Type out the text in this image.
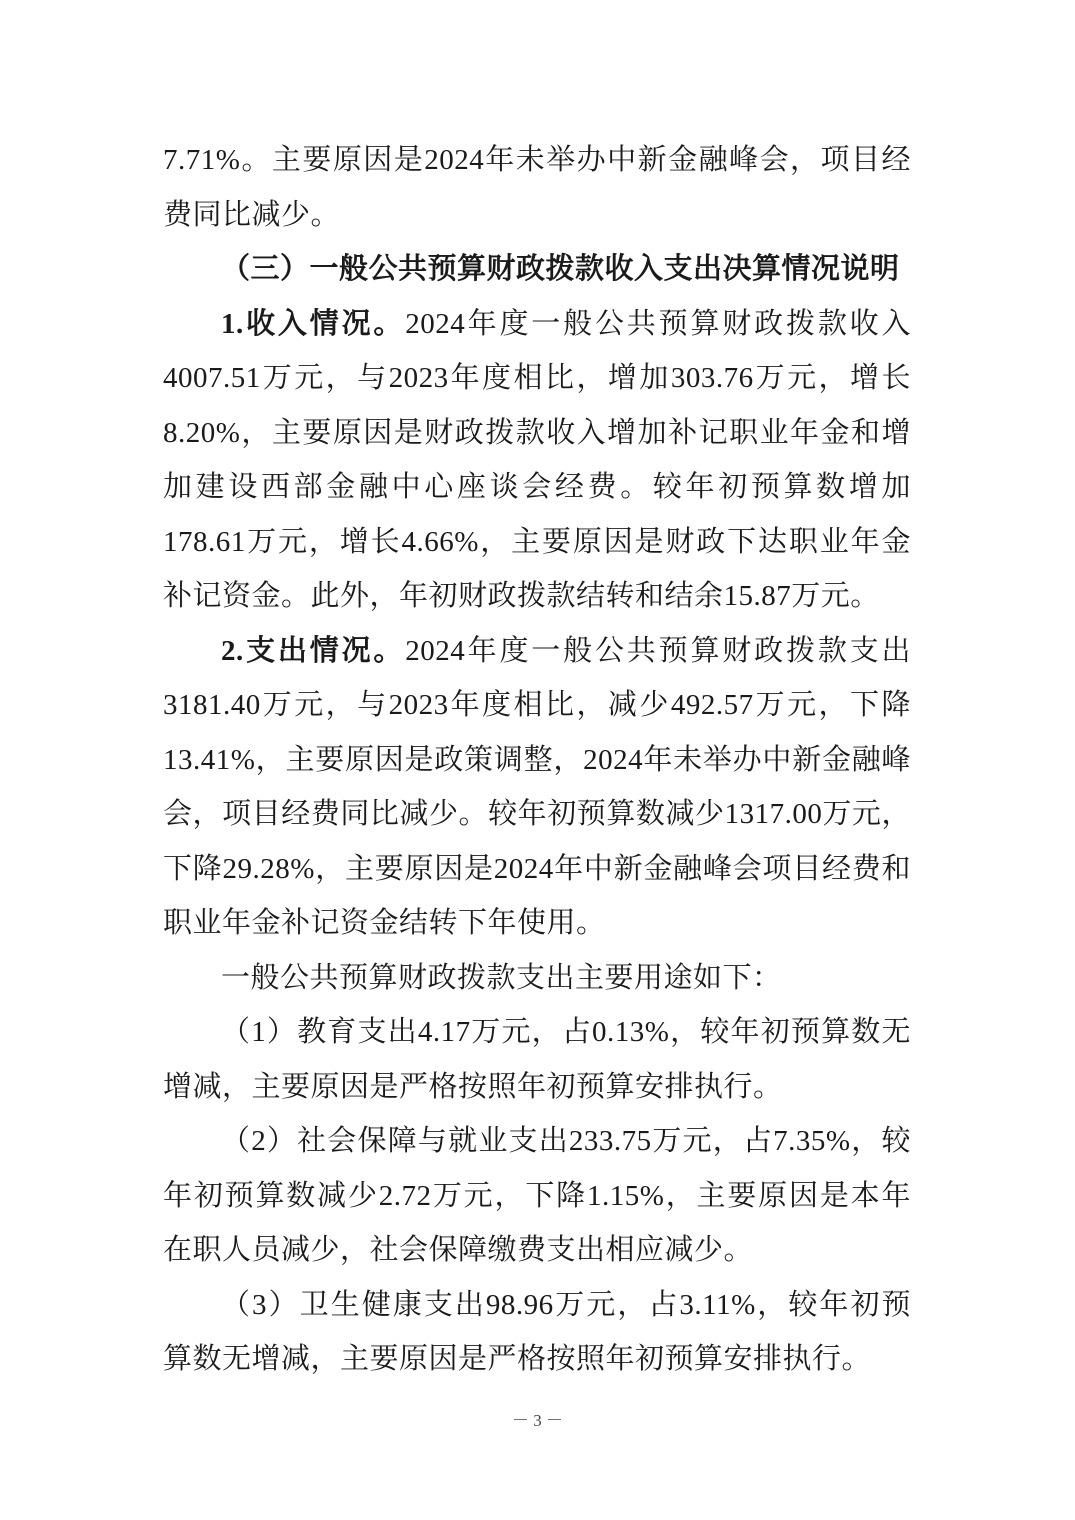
7.71%。主要原因是2024年未举办中新金融峰会，项目经费同比减少。

（三）一般公共预算财政拨款收入支出决算情况说明

1.收入情况。2024年度一般公共预算财政拨款收入4007.51万元，与2023年度相比，增加303.76万元，增长8.20%，主要原因是财政拨款收入增加补记职业年金和增加建设西部金融中心座谈会经费。较年初预算数增加178.61万元，增长4.66%，主要原因是财政下达职业年金补记资金。此外，年初财政拨款结转和结余15.87万元。

2.支出情况。2024年度一般公共预算财政拨款支出3181.40万元，与2023年度相比，减少492.57万元，下降13.41%，主要原因是政策调整，2024年未举办中新金融峰会，项目经费同比减少。较年初预算数减少1317.00万元，下降29.28%，主要原因是2024年中新金融峰会项目经费和职业年金补记资金结转下年使用。

一般公共预算财政拨款支出主要用途如下：

（1）教育支出4.17万元，占0.13%，较年初预算数无增减，主要原因是严格按照年初预算安排执行。

（2）社会保障与就业支出233.75万元，占7.35%，较年初预算数减少2.72万元，下降1.15%，主要原因是本年在职人员减少，社会保障缴费支出相应减少。

（3）卫生健康支出98.96万元，占3.11%，较年初预算数无增减，主要原因是严格按照年初预算安排执行。

－ 3 －
